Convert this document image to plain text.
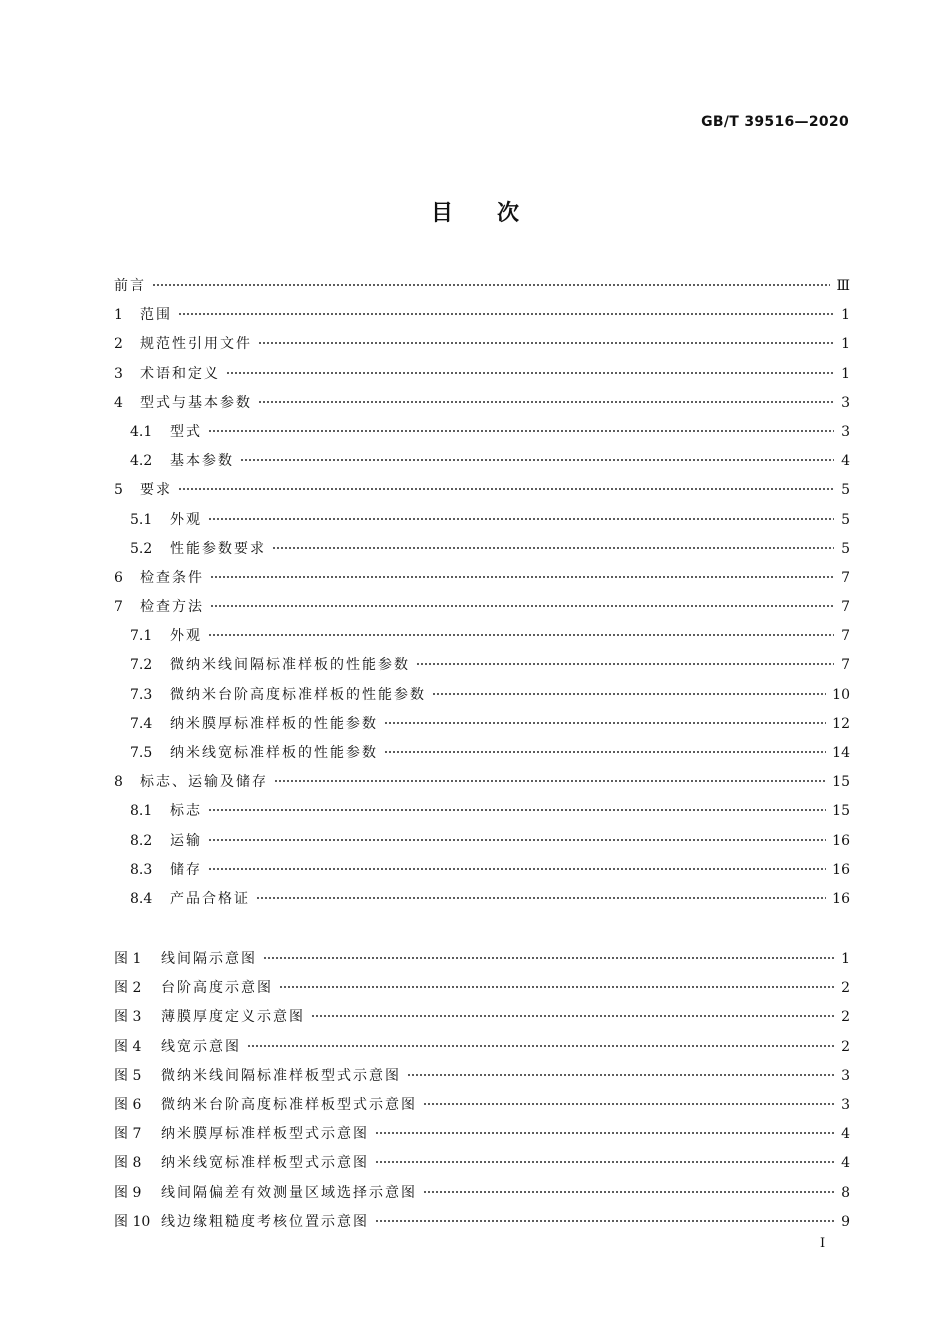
GB/T 39516—2020
目　　次
前言	Ⅲ
1	范围	1
2	规范性引用文件	1
3	术语和定义	1
4	型式与基本参数	3
4.1	型式	3
4.2	基本参数	4
5	要求	5
5.1	外观	5
5.2	性能参数要求	5
6	检查条件	7
7	检查方法	7
7.1	外观	7
7.2	微纳米线间隔标准样板的性能参数	7
7.3	微纳米台阶高度标准样板的性能参数	10
7.4	纳米膜厚标准样板的性能参数	12
7.5	纳米线宽标准样板的性能参数	14
8	标志、运输及储存	15
8.1	标志	15
8.2	运输	16
8.3	储存	16
8.4	产品合格证	16
图 1	线间隔示意图	1
图 2	台阶高度示意图	2
图 3	薄膜厚度定义示意图	2
图 4	线宽示意图	2
图 5	微纳米线间隔标准样板型式示意图	3
图 6	微纳米台阶高度标准样板型式示意图	3
图 7	纳米膜厚标准样板型式示意图	4
图 8	纳米线宽标准样板型式示意图	4
图 9	线间隔偏差有效测量区域选择示意图	8
图 10 线边缘粗糙度考核位置示意图	9
I
